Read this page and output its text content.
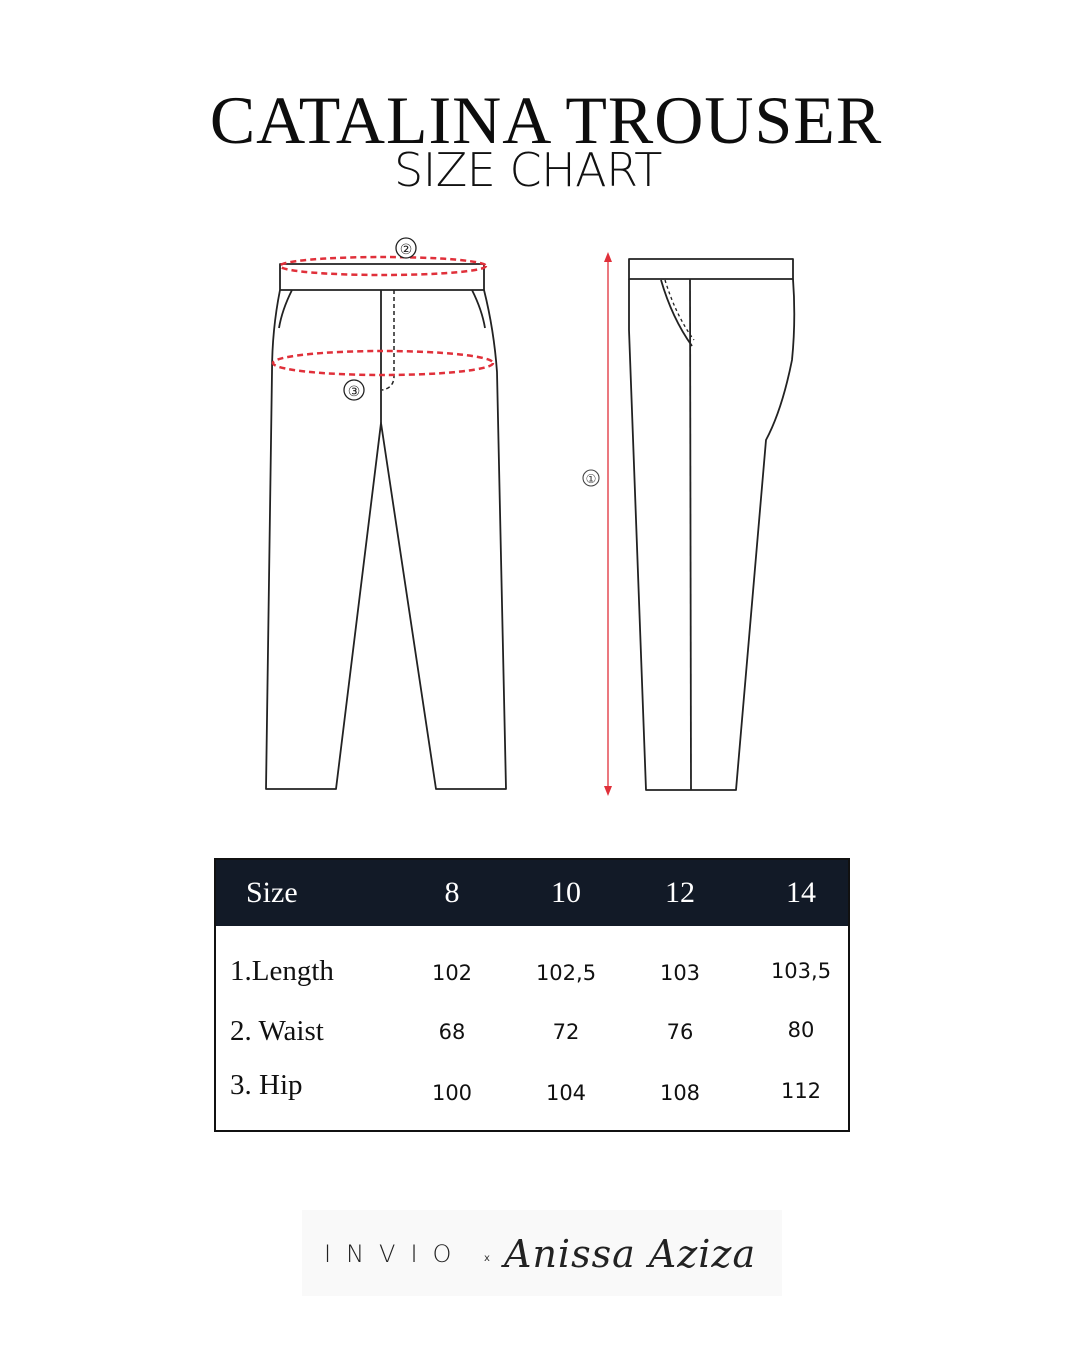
CATALINA TROUSER
SIZE CHART
②
③
①
Size	8	10	12	14
1.Length	102	102,5	103	103,5
2. Waist	68	72	76	80
3. Hip	100	104	108	112
INVIO x Anissa Aziza
